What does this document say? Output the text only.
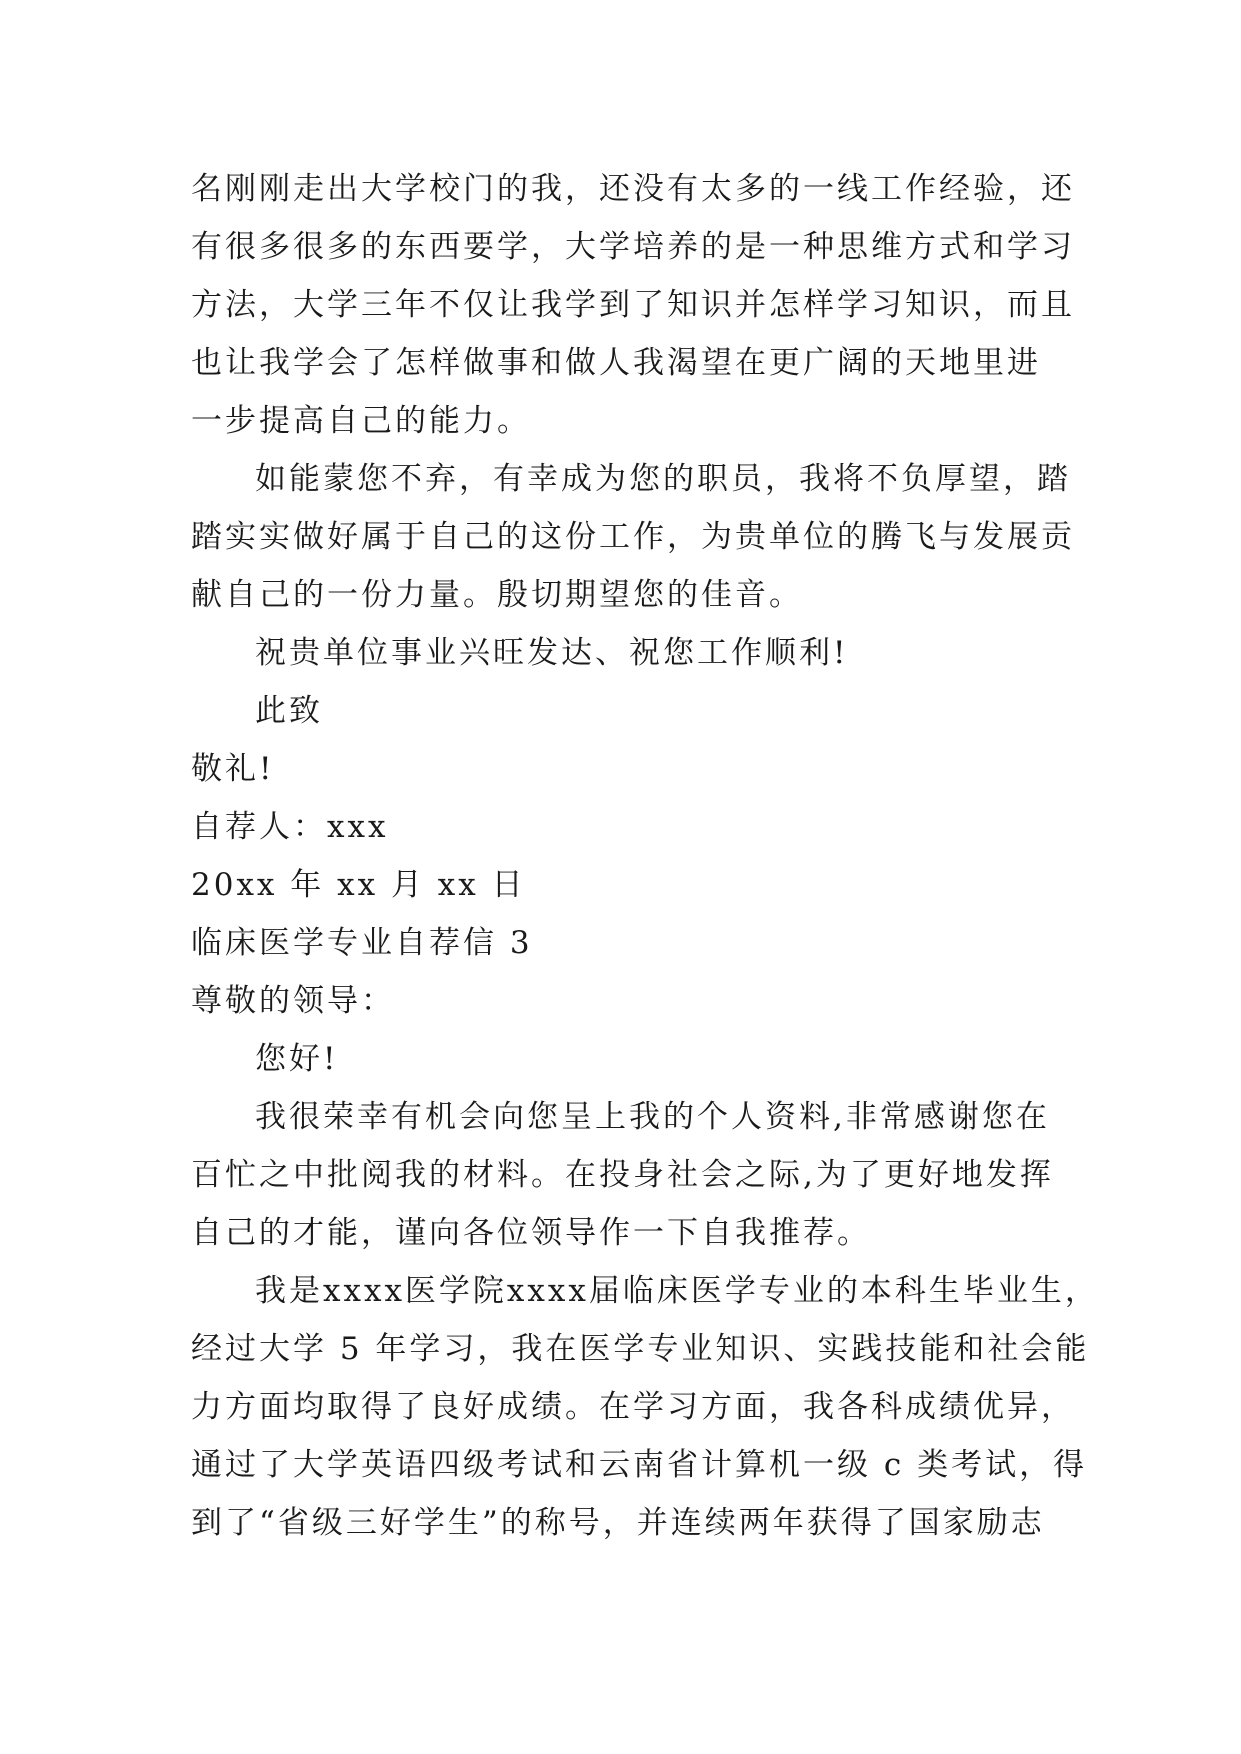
名刚刚走出大学校门的我，还没有太多的一线工作经验，还
有很多很多的东西要学，大学培养的是一种思维方式和学习
方法，大学三年不仅让我学到了知识并怎样学习知识，而且
也让我学会了怎样做事和做人我渴望在更广阔的天地里进
一步提高自己的能力。
如能蒙您不弃，有幸成为您的职员，我将不负厚望，踏
踏实实做好属于自己的这份工作，为贵单位的腾飞与发展贡
献自己的一份力量。殷切期望您的佳音。
祝贵单位事业兴旺发达、祝您工作顺利!
此致
敬礼!
自荐人：xxx
20xx 年 xx 月 xx 日
临床医学专业自荐信 3
尊敬的领导：
您好!
我很荣幸有机会向您呈上我的个人资料,非常感谢您在
百忙之中批阅我的材料。在投身社会之际,为了更好地发挥
自己的才能，谨向各位领导作一下自我推荐。
我是xxxx医学院xxxx届临床医学专业的本科生毕业生，
经过大学 5 年学习，我在医学专业知识、实践技能和社会能
力方面均取得了良好成绩。在学习方面，我各科成绩优异，
通过了大学英语四级考试和云南省计算机一级 c 类考试，得
到了“省级三好学生”的称号，并连续两年获得了国家励志
